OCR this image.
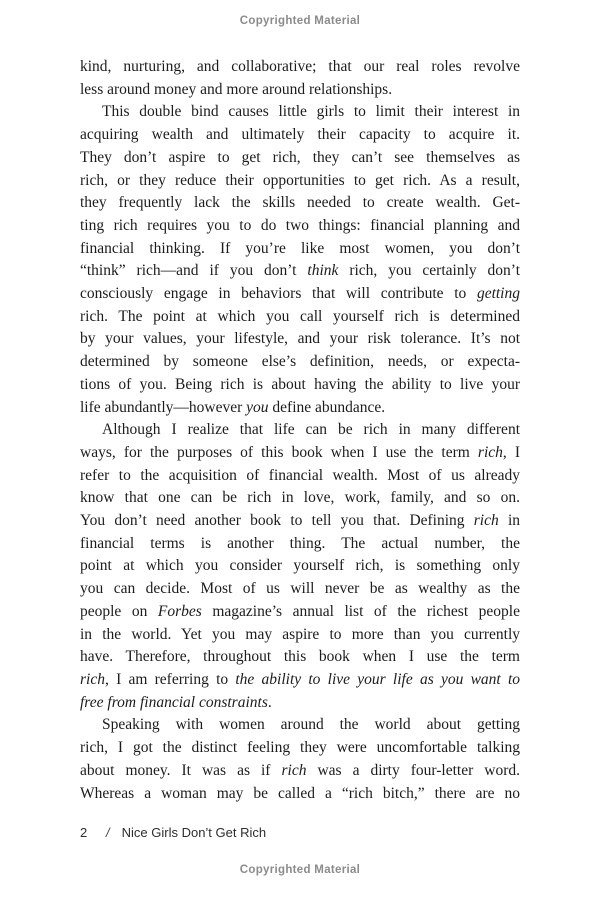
Copyrighted Material
kind, nurturing, and collaborative; that our real roles revolve
less around money and more around relationships.
This double bind causes little girls to limit their interest in
acquiring wealth and ultimately their capacity to acquire it.
They don’t aspire to get rich, they can’t see themselves as
rich, or they reduce their opportunities to get rich. As a result,
they frequently lack the skills needed to create wealth. Get-
ting rich requires you to do two things: financial planning and
financial thinking. If you’re like most women, you don’t
“think” rich—and if you don’t think rich, you certainly don’t
consciously engage in behaviors that will contribute to getting
rich. The point at which you call yourself rich is determined
by your values, your lifestyle, and your risk tolerance. It’s not
determined by someone else’s definition, needs, or expecta-
tions of you. Being rich is about having the ability to live your
life abundantly—however you define abundance.
Although I realize that life can be rich in many different
ways, for the purposes of this book when I use the term rich, I
refer to the acquisition of financial wealth. Most of us already
know that one can be rich in love, work, family, and so on.
You don’t need another book to tell you that. Defining rich in
financial terms is another thing. The actual number, the
point at which you consider yourself rich, is something only
you can decide. Most of us will never be as wealthy as the
people on Forbes magazine’s annual list of the richest people
in the world. Yet you may aspire to more than you currently
have. Therefore, throughout this book when I use the term
rich, I am referring to the ability to live your life as you want to
free from financial constraints.
Speaking with women around the world about getting
rich, I got the distinct feeling they were uncomfortable talking
about money. It was as if rich was a dirty four-letter word.
Whereas a woman may be called a “rich bitch,” there are no
2	/ Nice Girls Don’t Get Rich
Copyrighted Material
